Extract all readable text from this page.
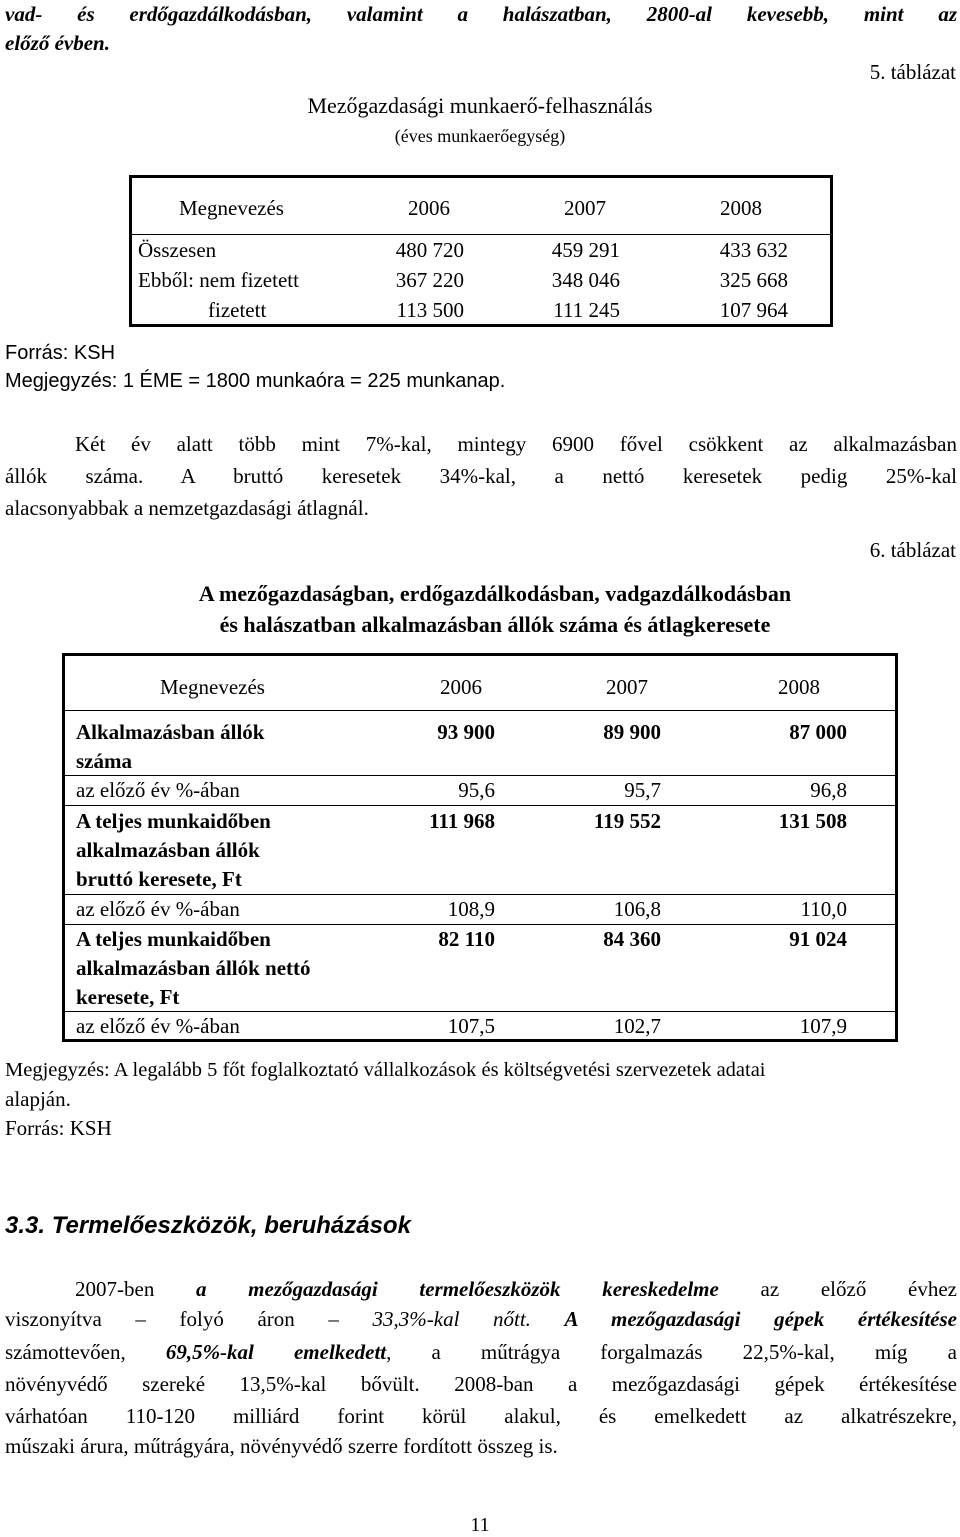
vad- és erdőgazdálkodásban, valamint a halászatban, 2800-al kevesebb, mint az
előző évben.
5. táblázat
Mezőgazdasági munkaerő-felhasználás
(éves munkaerőegység)
Megnevezés	2006	2007	2008
Összesen	480 720	459 291	433 632
Ebből: nem fizetett	367 220	348 046	325 668
fizetett	113 500	111 245	107 964
Forrás: KSH
Megjegyzés: 1 ÉME = 1800 munkaóra = 225 munkanap.
Két év alatt több mint 7%-kal, mintegy 6900 fővel csökkent az alkalmazásban
állók száma. A bruttó keresetek 34%-kal, a nettó keresetek pedig 25%-kal
alacsonyabbak a nemzetgazdasági átlagnál.
6. táblázat
A mezőgazdaságban, erdőgazdálkodásban, vadgazdálkodásban
és halászatban alkalmazásban állók száma és átlagkeresete
Megnevezés	2006	2007	2008
Alkalmazásban állók
száma
93 900	89 900	87 000
az előző év %-ában	95,6	95,7	96,8
A teljes munkaidőben
alkalmazásban állók
bruttó keresete, Ft
111 968	119 552	131 508
az előző év %-ában	108,9	106,8	110,0
A teljes munkaidőben
alkalmazásban állók nettó
keresete, Ft
82 110	84 360	91 024
az előző év %-ában	107,5	102,7	107,9
Megjegyzés: A legalább 5 főt foglalkoztató vállalkozások és költségvetési szervezetek adatai
alapján.
Forrás: KSH
3.3. Termelőeszközök, beruházások
2007-ben a mezőgazdasági termelőeszközök kereskedelme az előző évhez
viszonyítva – folyó áron – 33,3%-kal nőtt. A mezőgazdasági gépek értékesítése
számottevően, 69,5%-kal emelkedett, a műtrágya forgalmazás 22,5%-kal, míg a
növényvédő szereké 13,5%-kal bővült. 2008-ban a mezőgazdasági gépek értékesítése
várhatóan 110-120 milliárd forint körül alakul, és emelkedett az alkatrészekre,
műszaki árura, műtrágyára, növényvédő szerre fordított összeg is.
11
